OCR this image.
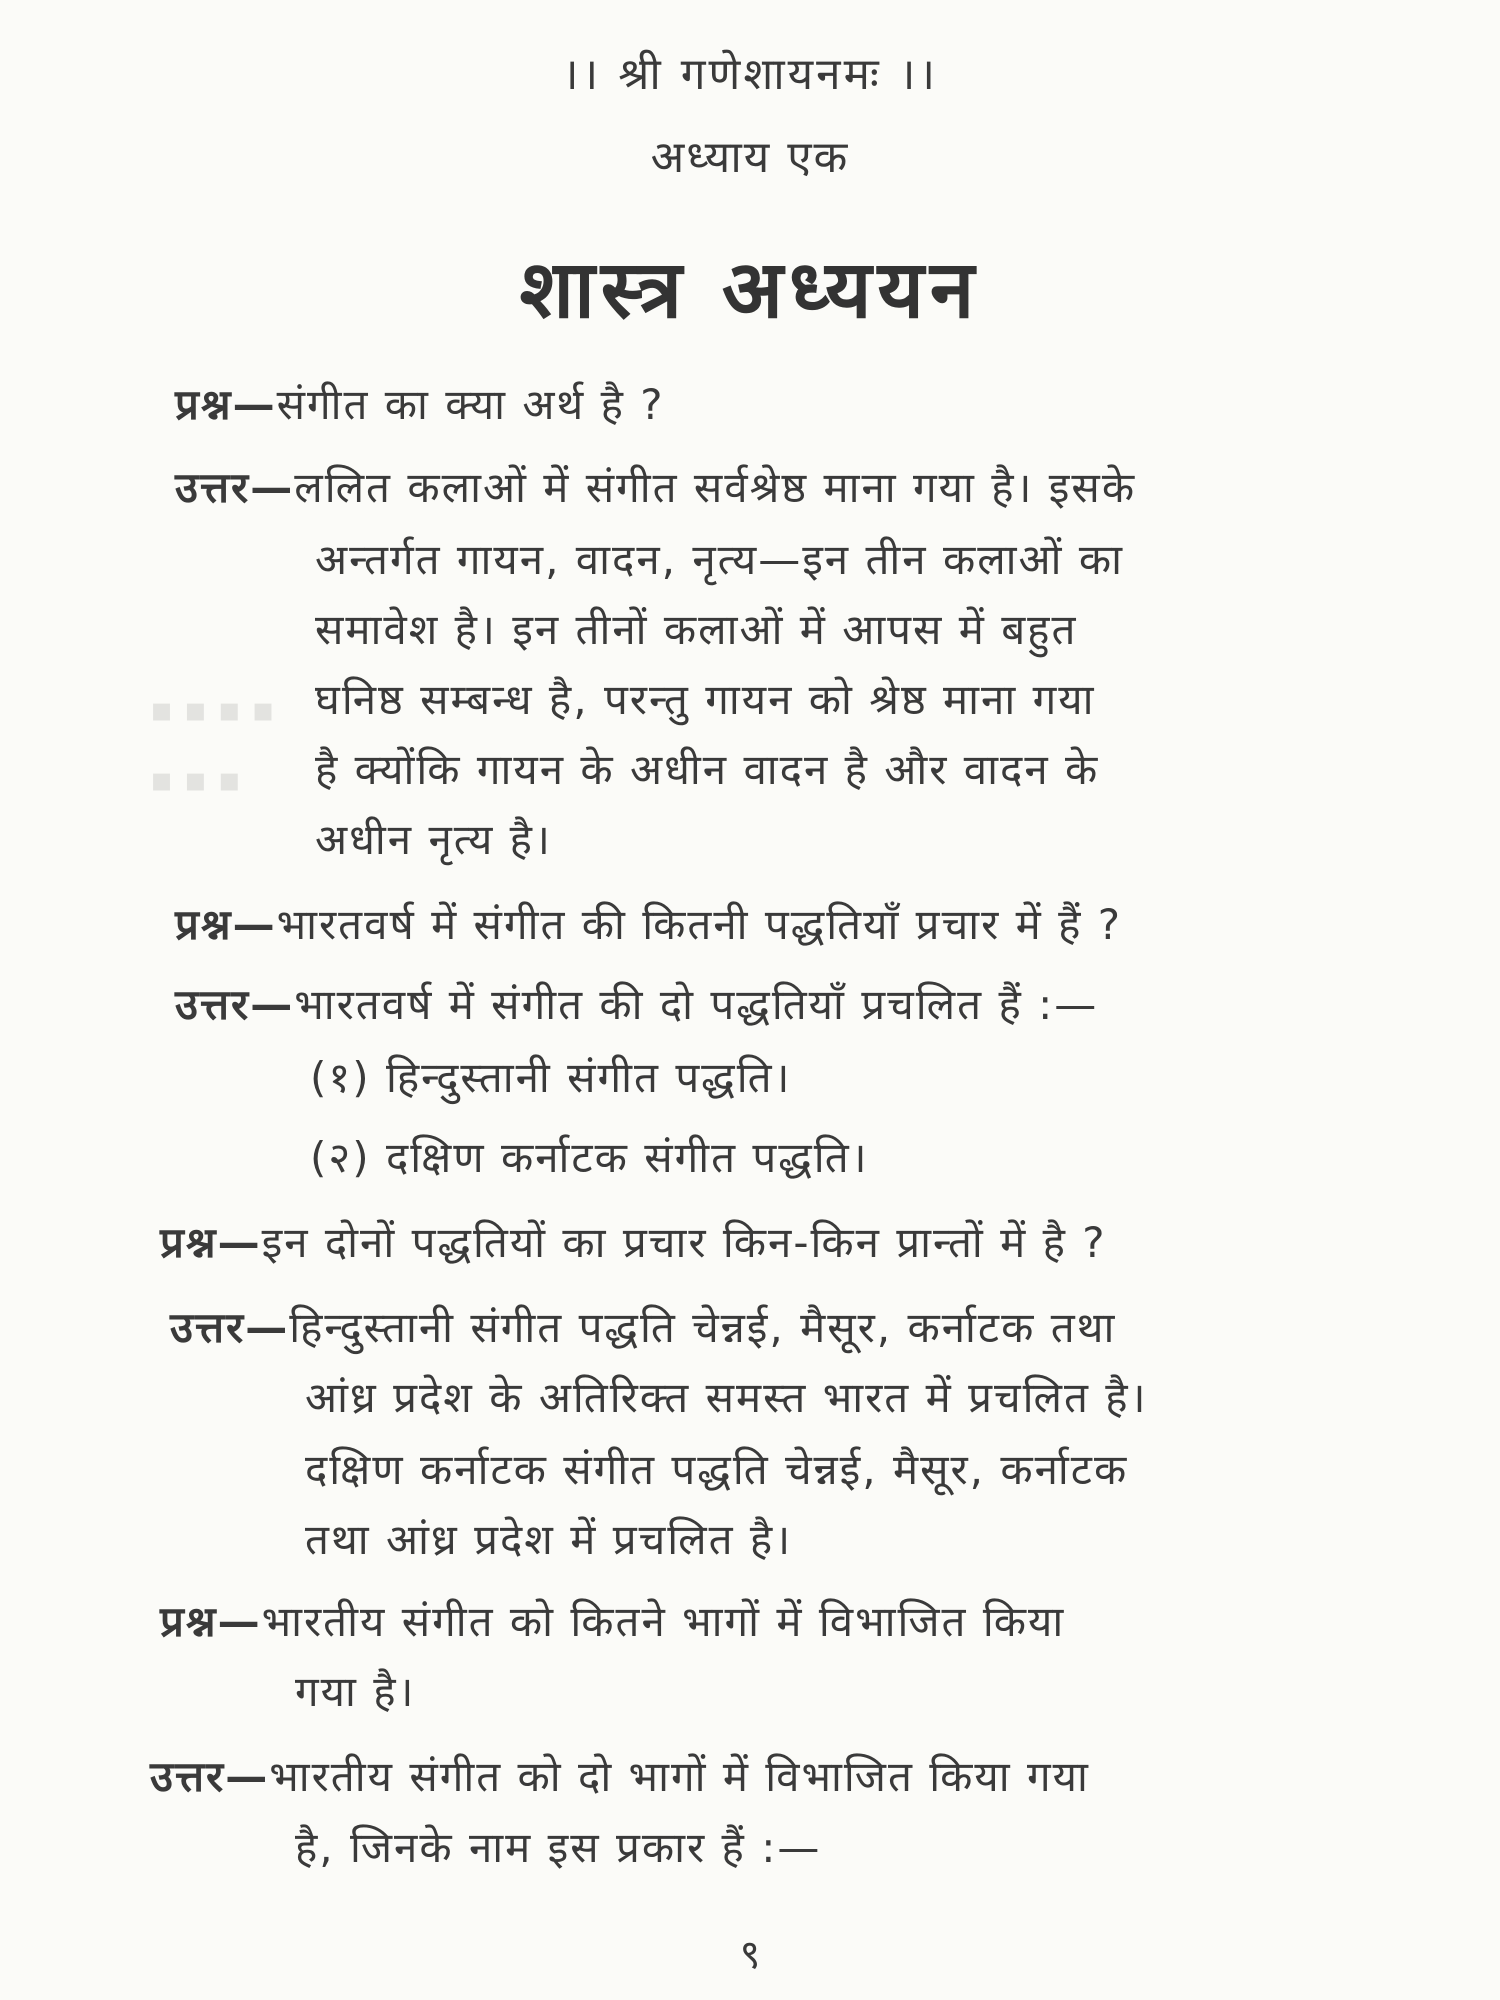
▪ ▪ ▪ ▪
▪ ▪ ▪
।। श्री गणेशायनमः ।।
अध्याय एक
शास्त्र अध्ययन
प्रश्न—संगीत का क्या अर्थ है ?
उत्तर—ललित कलाओं में संगीत सर्वश्रेष्ठ माना गया है। इसके
अन्तर्गत गायन, वादन, नृत्य—इन तीन कलाओं का
समावेश है। इन तीनों कलाओं में आपस में बहुत
घनिष्ठ सम्बन्ध है, परन्तु गायन को श्रेष्ठ माना गया
है क्योंकि गायन के अधीन वादन है और वादन के
अधीन नृत्य है।
प्रश्न—भारतवर्ष में संगीत की कितनी पद्धतियाँ प्रचार में हैं ?
उत्तर—भारतवर्ष में संगीत की दो पद्धतियाँ प्रचलित हैं :—
(१) हिन्दुस्तानी संगीत पद्धति।
(२) दक्षिण कर्नाटक संगीत पद्धति।
प्रश्न—इन दोनों पद्धतियों का प्रचार किन-किन प्रान्तों में है ?
उत्तर—हिन्दुस्तानी संगीत पद्धति चेन्नई, मैसूर, कर्नाटक तथा
आंध्र प्रदेश के अतिरिक्त समस्त भारत में प्रचलित है।
दक्षिण कर्नाटक संगीत पद्धति चेन्नई, मैसूर, कर्नाटक
तथा आंध्र प्रदेश में प्रचलित है।
प्रश्न—भारतीय संगीत को कितने भागों में विभाजित किया
गया है।
उत्तर—भारतीय संगीत को दो भागों में विभाजित किया गया
है, जिनके नाम इस प्रकार हैं :—
९
